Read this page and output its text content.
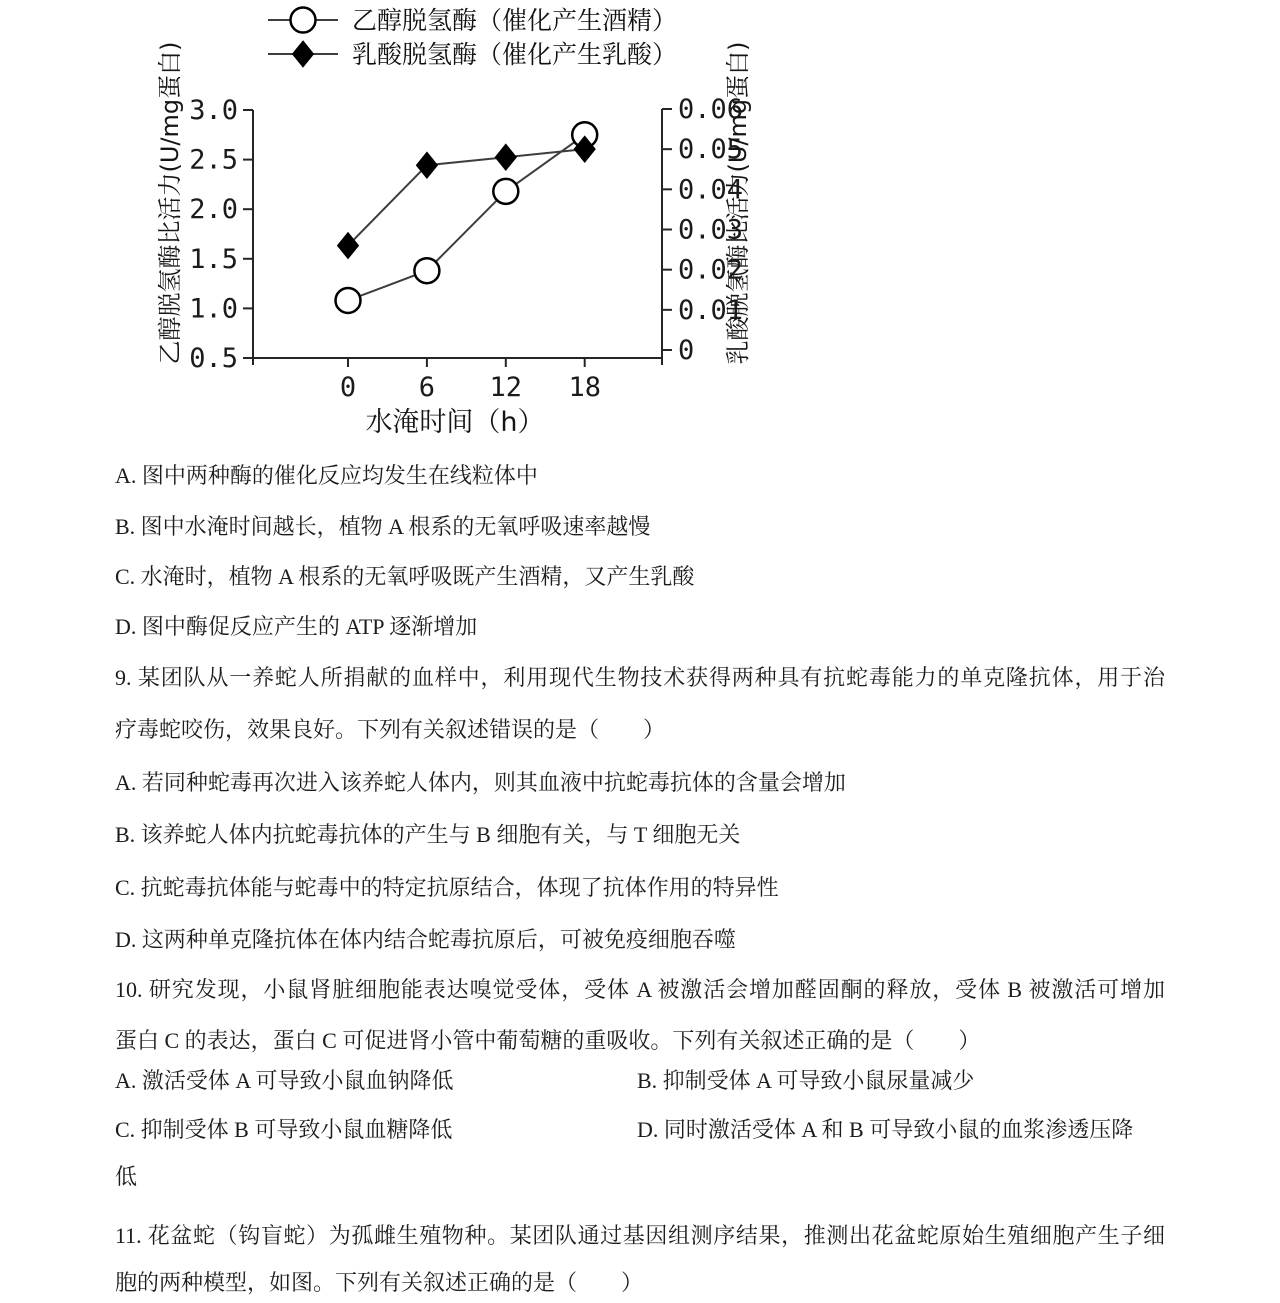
3.0
2.5
2.0
1.5
1.0
0.5
0.06
0.05
0.04
0.03
0.02
0.01
0
0 6 12 18
乙醇脱氢酶比活力(U/mg蛋白)	乳酸脱氢酶比活力(U/mg蛋白)
水淹时间（h）
乙醇脱氢酶（催化产生酒精）
乳酸脱氢酶（催化产生乳酸）
A. 图中两种酶的催化反应均发生在线粒体中
B. 图中水淹时间越长，植物 A 根系的无氧呼吸速率越慢
C. 水淹时，植物 A 根系的无氧呼吸既产生酒精，又产生乳酸
D. 图中酶促反应产生的 ATP 逐渐增加
9. 某团队从一养蛇人所捐献的血样中，利用现代生物技术获得两种具有抗蛇毒能力的单克隆抗体，用于治
疗毒蛇咬伤，效果良好。下列有关叙述错误的是（　　）
A. 若同种蛇毒再次进入该养蛇人体内，则其血液中抗蛇毒抗体的含量会增加
B. 该养蛇人体内抗蛇毒抗体的产生与 B 细胞有关，与 T 细胞无关
C. 抗蛇毒抗体能与蛇毒中的特定抗原结合，体现了抗体作用的特异性
D. 这两种单克隆抗体在体内结合蛇毒抗原后，可被免疫细胞吞噬
10. 研究发现，小鼠肾脏细胞能表达嗅觉受体，受体 A 被激活会增加醛固酮的释放，受体 B 被激活可增加
蛋白 C 的表达，蛋白 C 可促进肾小管中葡萄糖的重吸收。下列有关叙述正确的是（　　）
A. 激活受体 A 可导致小鼠血钠降低	B. 抑制受体 A 可导致小鼠尿量减少
C. 抑制受体 B 可导致小鼠血糖降低	D. 同时激活受体 A 和 B 可导致小鼠的血浆渗透压降
低
11. 花盆蛇（钩盲蛇）为孤雌生殖物种。某团队通过基因组测序结果，推测出花盆蛇原始生殖细胞产生子细
胞的两种模型，如图。下列有关叙述正确的是（　　）
